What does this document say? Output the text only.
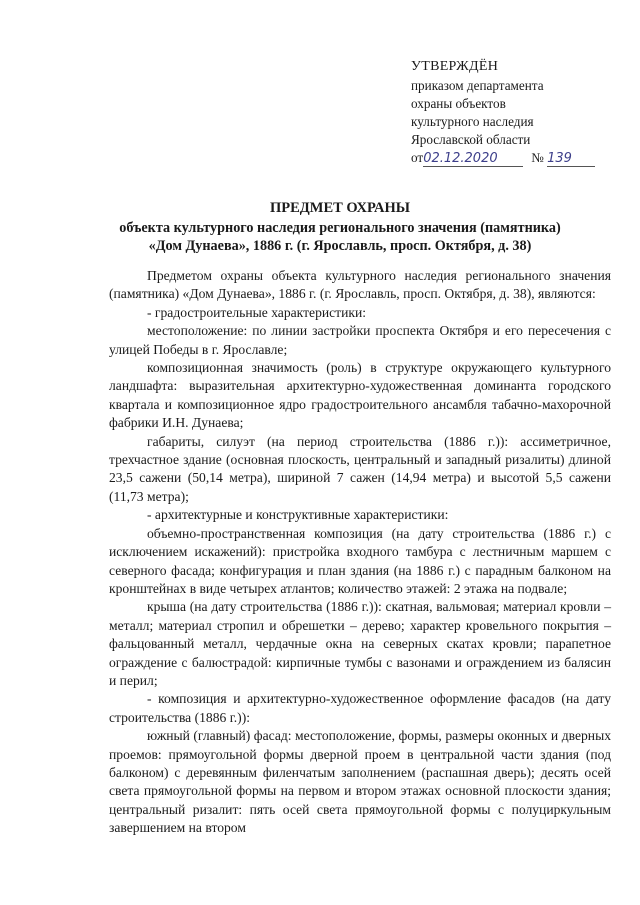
УТВЕРЖДЁН
приказом департамента
охраны объектов
культурного наследия
Ярославской области
от02.12.2020	№ 139
ПРЕДМЕТ ОХРАНЫ
объекта культурного наследия регионального значения (памятника)
«Дом Дунаева», 1886 г. (г. Ярославль, просп. Октября, д. 38)

Предметом охраны объекта культурного наследия регионального значения (памятника) «Дом Дунаева», 1886 г. (г. Ярославль, просп. Октября, д. 38), являются:

- градостроительные характеристики:

местоположение: по линии застройки проспекта Октября и его пересечения с улицей Победы в г. Ярославле;

композиционная значимость (роль) в структуре окружающего культурного ландшафта: выразительная архитектурно-художественная доминанта городского квартала и композиционное ядро градостроительного ансамбля табачно-махорочной фабрики И.Н. Дунаева;

габариты, силуэт (на период строительства (1886 г.)): ассиметричное, трехчастное здание (основная плоскость, центральный и западный ризалиты) длиной 23,5 сажени (50,14 метра), шириной 7 сажен (14,94 метра) и высотой 5,5 сажени (11,73 метра);

- архитектурные и конструктивные характеристики:

объемно-пространственная композиция (на дату строительства (1886 г.) с исключением искажений): пристройка входного тамбура с лестничным маршем с северного фасада; конфигурация и план здания (на 1886 г.) с парадным балконом на кронштейнах в виде четырех атлантов; количество этажей: 2 этажа на подвале;

крыша (на дату строительства (1886 г.)): скатная, вальмовая; материал кровли – металл; материал стропил и обрешетки – дерево; характер кровельного покрытия – фальцованный металл, чердачные окна на северных скатах кровли; парапетное ограждение с балюстрадой: кирпичные тумбы с вазонами и ограждением из балясин и перил;

- композиция и архитектурно-художественное оформление фасадов (на дату строительства (1886 г.)):

южный (главный) фасад: местоположение, формы, размеры оконных и дверных проемов: прямоугольной формы дверной проем в центральной части здания (под балконом) с деревянным филенчатым заполнением (распашная дверь); десять осей света прямоугольной формы на первом и втором этажах основной плоскости здания; центральный ризалит: пять осей света прямоугольной формы с полуциркульным завершением на втором
